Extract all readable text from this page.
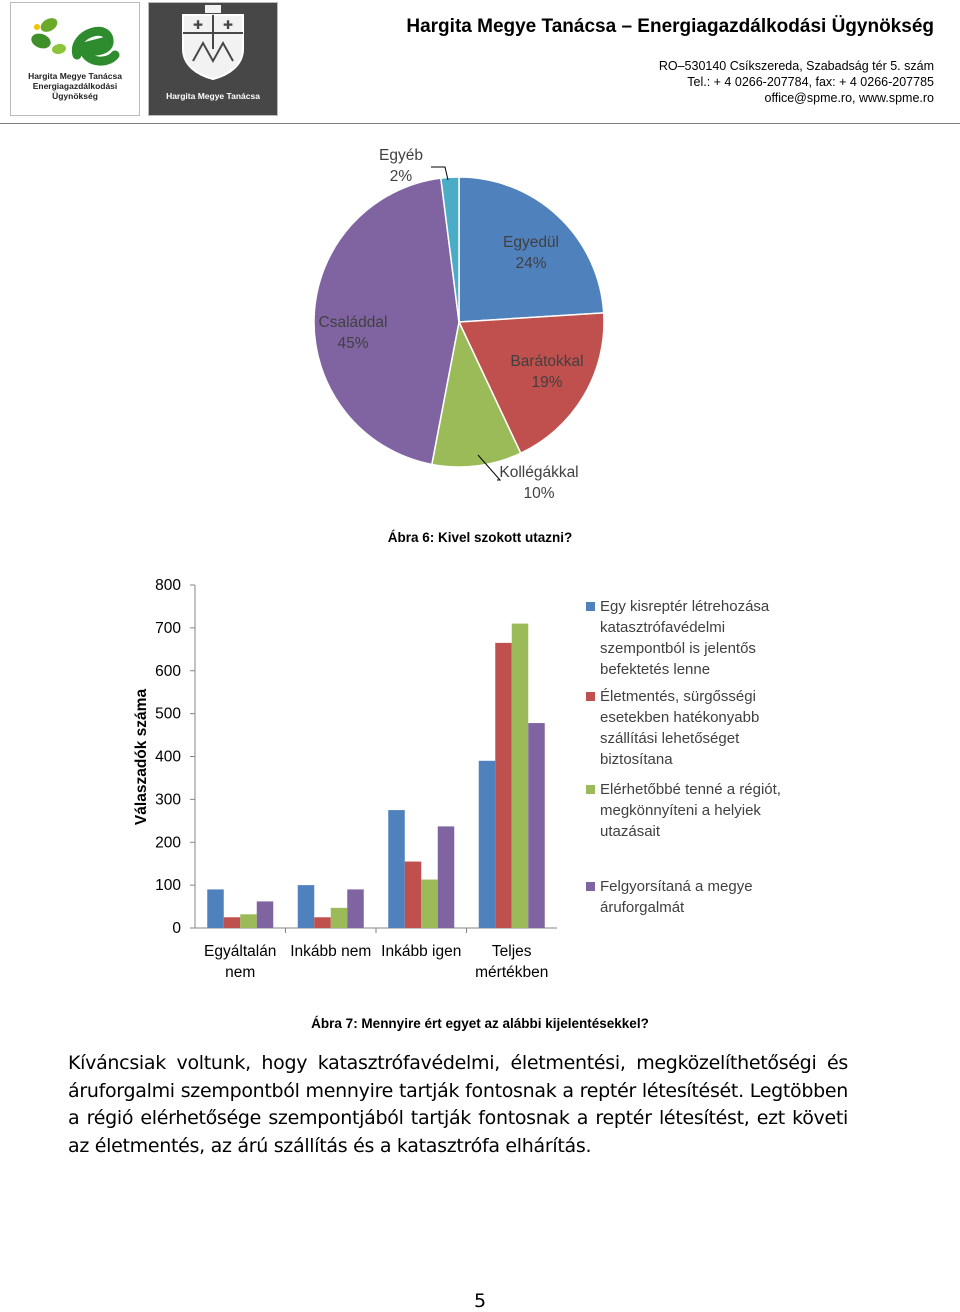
Hargita Megye Tanácsa
Energiagazdálkodási Ügynökség
✚ ✚
Hargita Megye Tanácsa
Hargita Megye Tanácsa – Energiagazdálkodási Ügynökség
RO–530140 Csíkszereda, Szabadság tér 5. szám
Tel.: + 4 0266-207784, fax: + 4 0266-207785
office@spme.ro, www.spme.ro
Egyedül
24%
Barátokkal
19%
Kollégákkal
10%
Családdal
45%
Egyéb
2%
Ábra 6: Kivel szokott utazni?
0
100
200
300
400
500
600
700
800
Egyáltalán
nem
Inkább nem Inkább igen Teljes
mértékben
Válaszadók száma
Egy kisreptér létrehozása
katasztrófavédelmi
szempontból is jelentős
befektetés lenne
Életmentés, sürgősségi
esetekben hatékonyabb
szállítási lehetőséget
biztosítana
Elérhetőbbé tenné a régiót,
megkönnyíteni a helyiek
utazásait
Felgyorsítaná a megye
áruforgalmát
Ábra 7: Mennyire ért egyet az alábbi kijelentésekkel?
Kíváncsiak voltunk, hogy katasztrófavédelmi, életmentési, megközelíthetőségi és áruforgalmi szempontból mennyire tartják fontosnak a reptér létesítését. Legtöbben a régió elérhetősége szempontjából tartják fontosnak a reptér létesítést, ezt követi az életmentés, az árú szállítás és a katasztrófa elhárítás.
5
